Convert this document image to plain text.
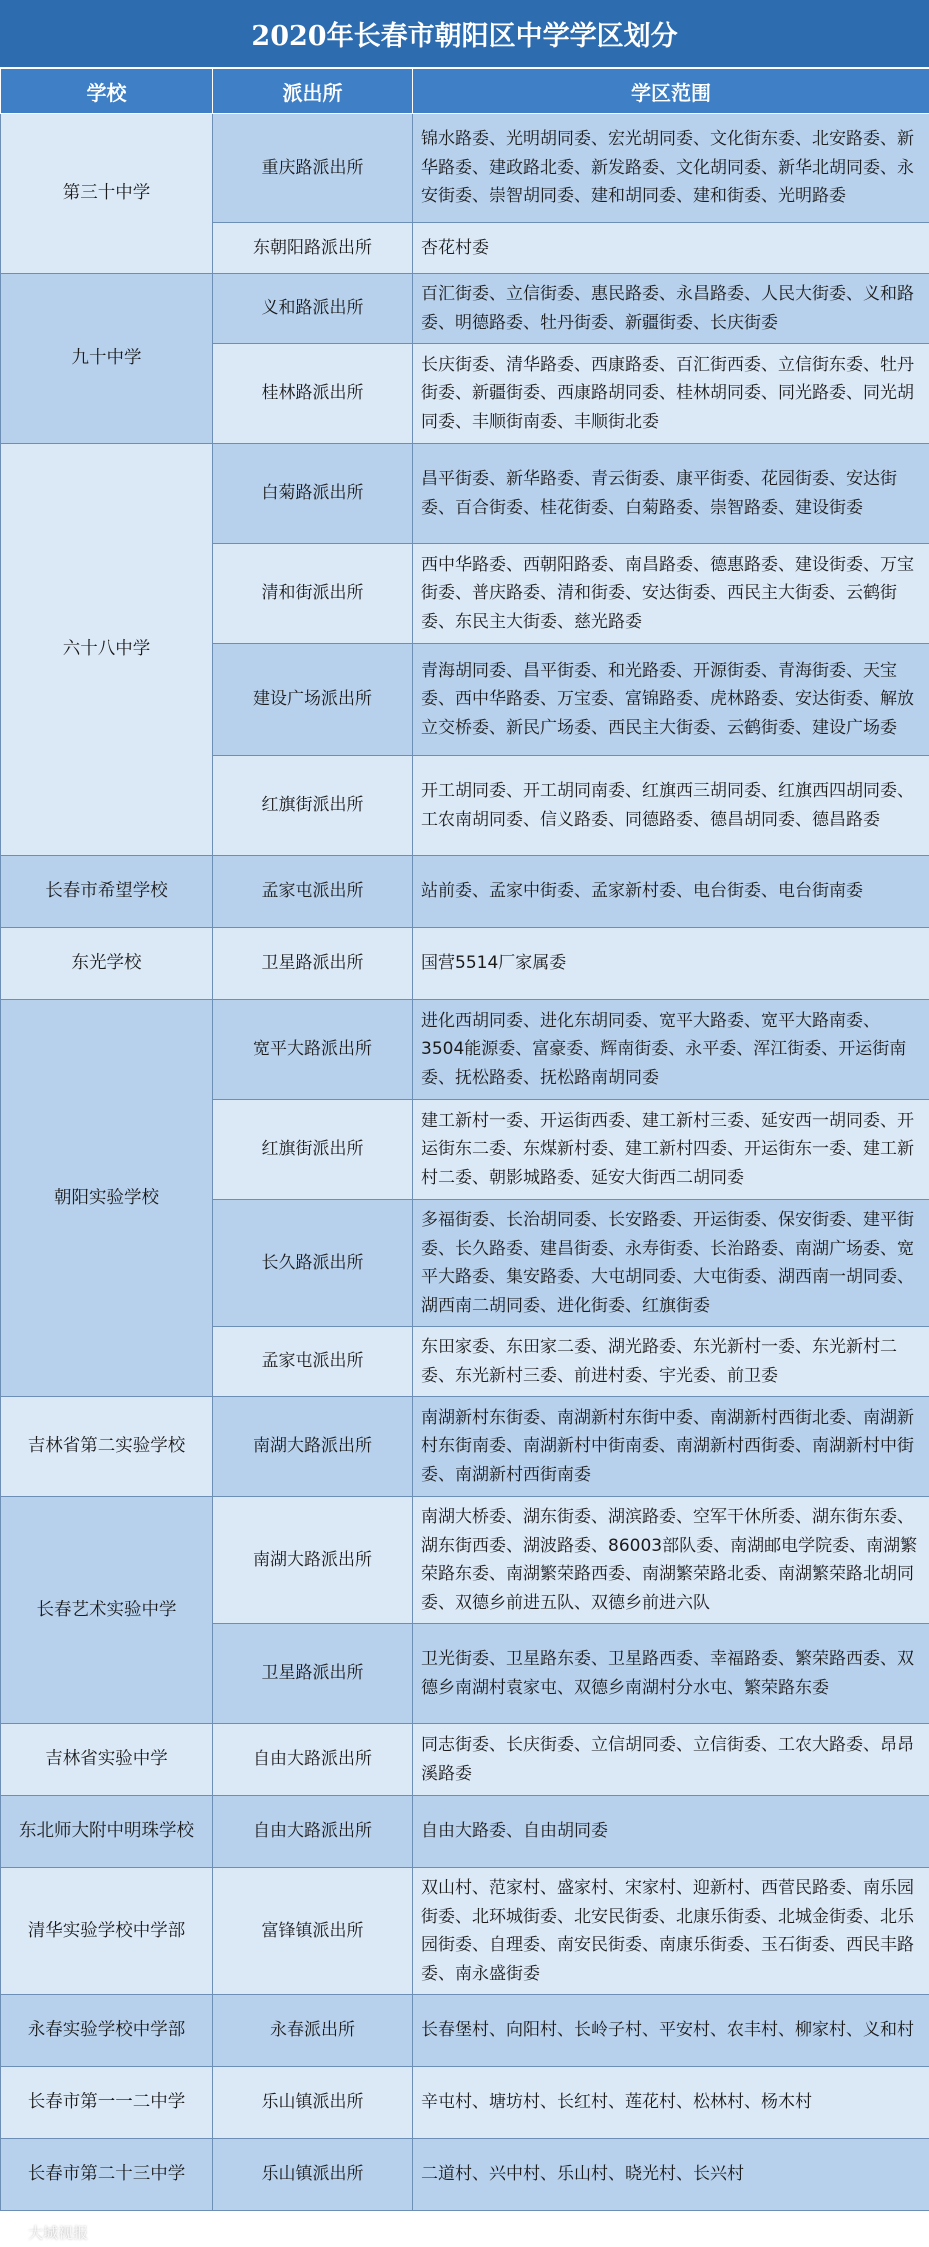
2020年长春市朝阳区中学学区划分
学校	派出所	学区范围
第三十中学	重庆路派出所	锦水路委、光明胡同委、宏光胡同委、文化街东委、北安路委、新华路委、建政路北委、新发路委、文化胡同委、新华北胡同委、永安街委、崇智胡同委、建和胡同委、建和街委、光明路委
	东朝阳路派出所	杏花村委
九十中学	义和路派出所	百汇街委、立信街委、惠民路委、永昌路委、人民大街委、义和路委、明德路委、牡丹街委、新疆街委、长庆街委
	桂林路派出所	长庆街委、清华路委、西康路委、百汇街西委、立信街东委、牡丹街委、新疆街委、西康路胡同委、桂林胡同委、同光路委、同光胡同委、丰顺街南委、丰顺街北委
六十八中学	白菊路派出所	昌平街委、新华路委、青云街委、康平街委、花园街委、安达街委、百合街委、桂花街委、白菊路委、崇智路委、建设街委
	清和街派出所	西中华路委、西朝阳路委、南昌路委、德惠路委、建设街委、万宝街委、普庆路委、清和街委、安达街委、西民主大街委、云鹤街委、东民主大街委、慈光路委
	建设广场派出所	青海胡同委、昌平街委、和光路委、开源街委、青海街委、天宝委、西中华路委、万宝委、富锦路委、虎林路委、安达街委、解放立交桥委、新民广场委、西民主大街委、云鹤街委、建设广场委
	红旗街派出所	开工胡同委、开工胡同南委、红旗西三胡同委、红旗西四胡同委、工农南胡同委、信义路委、同德路委、德昌胡同委、德昌路委
长春市希望学校	孟家屯派出所	站前委、孟家中街委、孟家新村委、电台街委、电台街南委
东光学校	卫星路派出所	国营5514厂家属委
朝阳实验学校	宽平大路派出所	进化西胡同委、进化东胡同委、宽平大路委、宽平大路南委、3504能源委、富豪委、辉南街委、永平委、浑江街委、开运街南委、抚松路委、抚松路南胡同委
	红旗街派出所	建工新村一委、开运街西委、建工新村三委、延安西一胡同委、开运街东二委、东煤新村委、建工新村四委、开运街东一委、建工新村二委、朝影城路委、延安大街西二胡同委
	长久路派出所	多福街委、长治胡同委、长安路委、开运街委、保安街委、建平街委、长久路委、建昌街委、永寿街委、长治路委、南湖广场委、宽平大路委、集安路委、大屯胡同委、大屯街委、湖西南一胡同委、湖西南二胡同委、进化街委、红旗街委
	孟家屯派出所	东田家委、东田家二委、湖光路委、东光新村一委、东光新村二委、东光新村三委、前进村委、宇光委、前卫委
吉林省第二实验学校	南湖大路派出所	南湖新村东街委、南湖新村东街中委、南湖新村西街北委、南湖新村东街南委、南湖新村中街南委、南湖新村西街委、南湖新村中街委、南湖新村西街南委
长春艺术实验中学	南湖大路派出所	南湖大桥委、湖东街委、湖滨路委、空军干休所委、湖东街东委、湖东街西委、湖波路委、86003部队委、南湖邮电学院委、南湖繁荣路东委、南湖繁荣路西委、南湖繁荣路北委、南湖繁荣路北胡同委、双德乡前进五队、双德乡前进六队
	卫星路派出所	卫光街委、卫星路东委、卫星路西委、幸福路委、繁荣路西委、双德乡南湖村袁家屯、双德乡南湖村分水屯、繁荣路东委
吉林省实验中学	自由大路派出所	同志街委、长庆街委、立信胡同委、立信街委、工农大路委、昂昂溪路委
东北师大附中明珠学校	自由大路派出所	自由大路委、自由胡同委
清华实验学校中学部	富锋镇派出所	双山村、范家村、盛家村、宋家村、迎新村、西菅民路委、南乐园街委、北环城街委、北安民街委、北康乐街委、北城金街委、北乐园街委、自理委、南安民街委、南康乐街委、玉石街委、西民丰路委、南永盛街委
永春实验学校中学部	永春派出所	长春堡村、向阳村、长岭子村、平安村、农丰村、柳家村、义和村
长春市第一一二中学	乐山镇派出所	辛屯村、塘坊村、长红村、莲花村、松林村、杨木村
长春市第二十三中学	乐山镇派出所	二道村、兴中村、乐山村、晓光村、长兴村
大城视报
